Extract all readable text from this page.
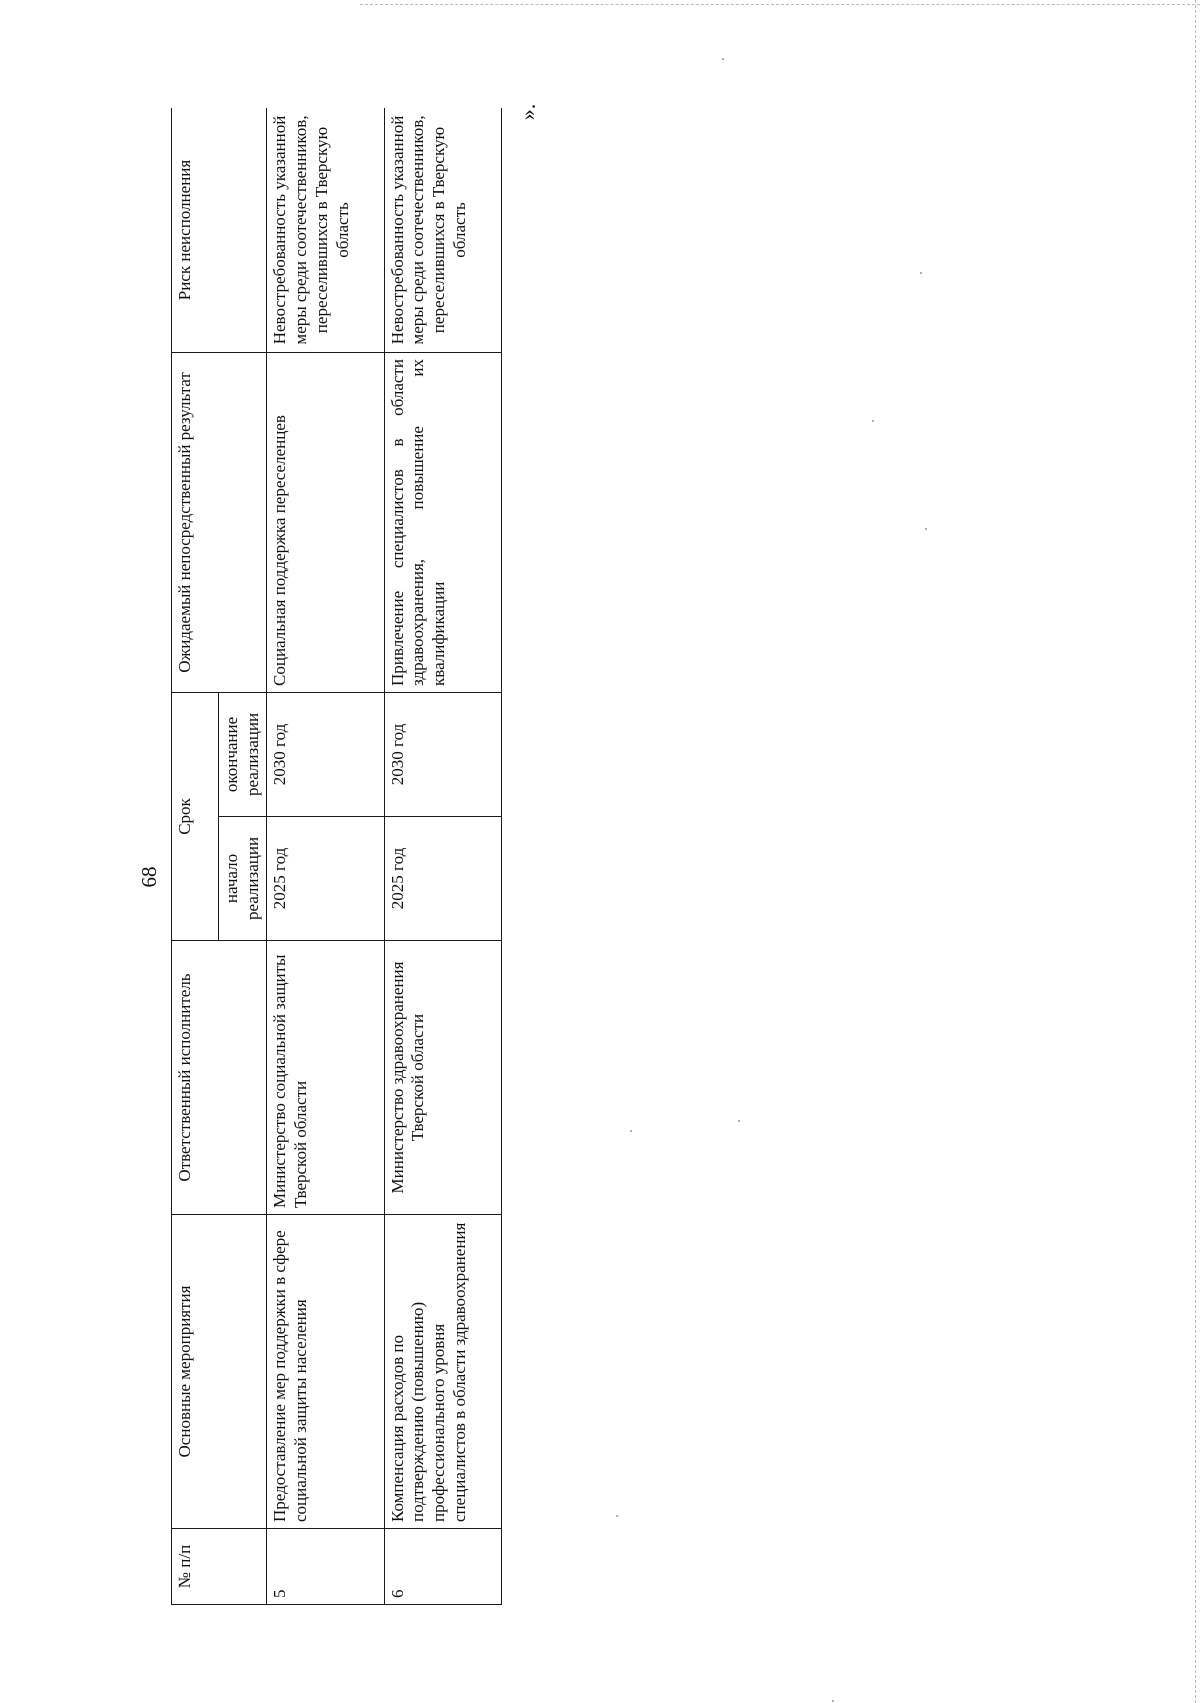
68
».
№ п/п	Основные мероприятия	Ответственный исполнитель	Срок		Ожидаемый непосредственный результат	Риск неисполнения
			начало реализации	окончание реализации		
5	Предоставление мер поддержки в сфере социальной защиты населения	Министерство социальной защиты Тверской области	2025 год	2030 год	Социальная поддержка переселенцев	Невостребованность указанной меры среди соотечественников, переселившихся в Тверскую область
6	Компенсация расходов по подтверждению (повышению) профессионального уровня специалистов в области здравоохранения	Министерство здравоохранения Тверской области	2025 год	2030 год	Привлечение специалистов в области здравоохранения, повышение их квалификации	Невостребованность указанной меры среди соотечественников, переселившихся в Тверскую область
